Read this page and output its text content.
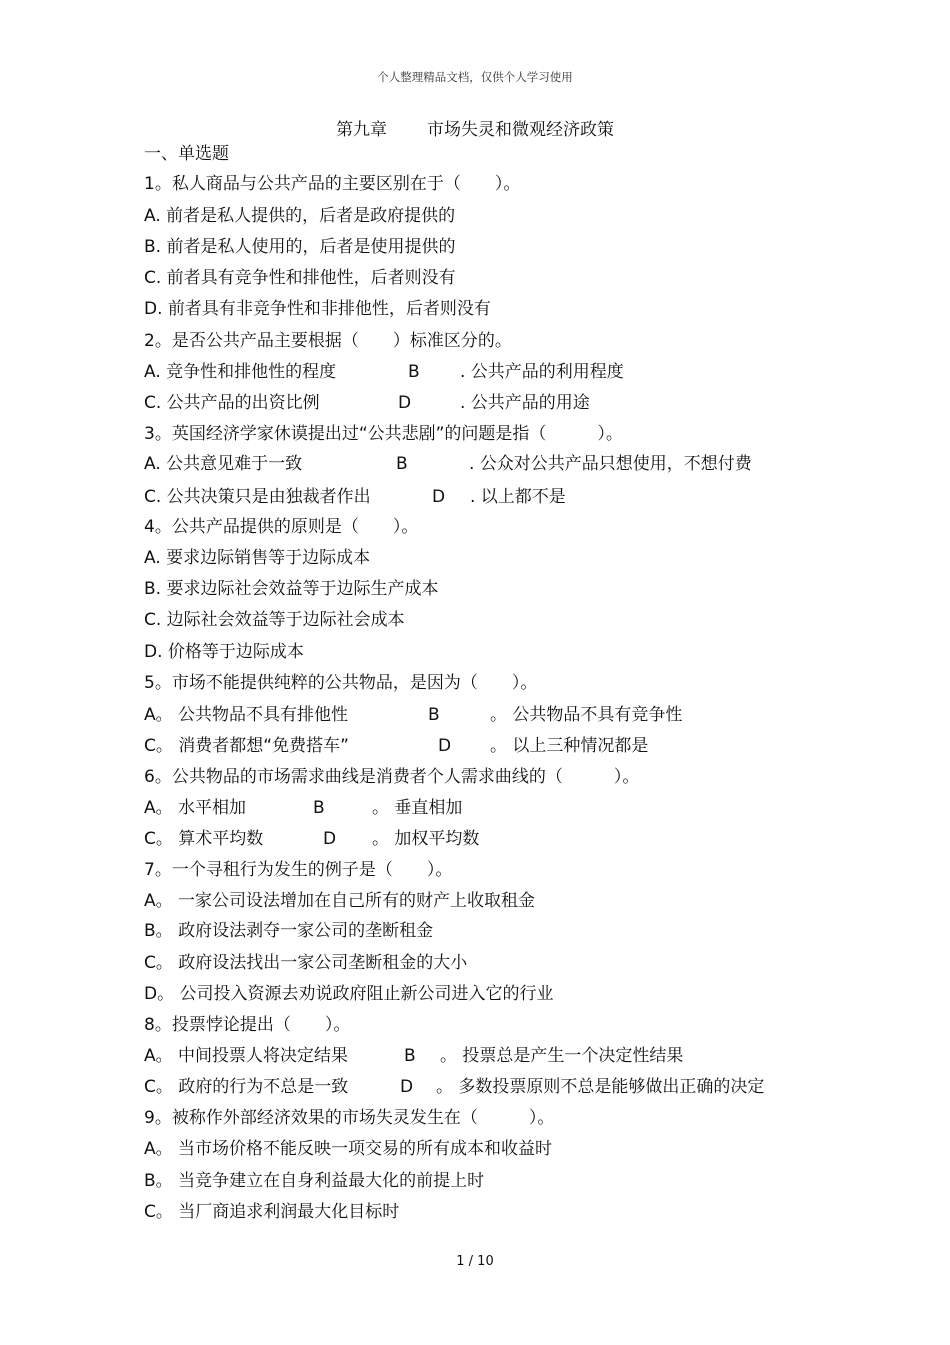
个人整理精品文档，仅供个人学习使用
第九章 市场失灵和微观经济政策
一、单选题
1。私人商品与公共产品的主要区别在于（　　）。
A. 前者是私人提供的，后者是政府提供的
B. 前者是私人使用的，后者是使用提供的
C. 前者具有竞争性和排他性，后者则没有
D. 前者具有非竞争性和非排他性，后者则没有
2。是否公共产品主要根据（　　）标准区分的。
A. 竞争性和排他性的程度	B . 公共产品的利用程度
C. 公共产品的出资比例	D	. 公共产品的用途
3。英国经济学家休谟提出过“公共悲剧”的问题是指（　　　）。
A. 公共意见难于一致	B	. 公众对公共产品只想使用，不想付费
C. 公共决策只是由独裁者作出	D . 以上都不是
4。公共产品提供的原则是（　　）。
A. 要求边际销售等于边际成本
B. 要求边际社会效益等于边际生产成本
C. 边际社会效益等于边际社会成本
D. 价格等于边际成本
5。市场不能提供纯粹的公共物品，是因为（　　）。
A。 公共物品不具有排他性	B	。 公共物品不具有竞争性
C。 消费者都想“免费搭车”	D 。 以上三种情况都是
6。公共物品的市场需求曲线是消费者个人需求曲线的（　　　）。
A。 水平相加	B	。 垂直相加
C。 算术平均数	D 。 加权平均数
7。一个寻租行为发生的例子是（　　）。
A。 一家公司设法增加在自己所有的财产上收取租金
B。 政府设法剥夺一家公司的垄断租金
C。 政府设法找出一家公司垄断租金的大小
D。 公司投入资源去劝说政府阻止新公司进入它的行业
8。投票悖论提出（　　）。
A。 中间投票人将决定结果	B 。 投票总是产生一个决定性结果
C。 政府的行为不总是一致	D 。 多数投票原则不总是能够做出正确的决定
9。被称作外部经济效果的市场失灵发生在（　　　）。
A。 当市场价格不能反映一项交易的所有成本和收益时
B。 当竞争建立在自身利益最大化的前提上时
C。 当厂商追求利润最大化目标时
1 / 10
